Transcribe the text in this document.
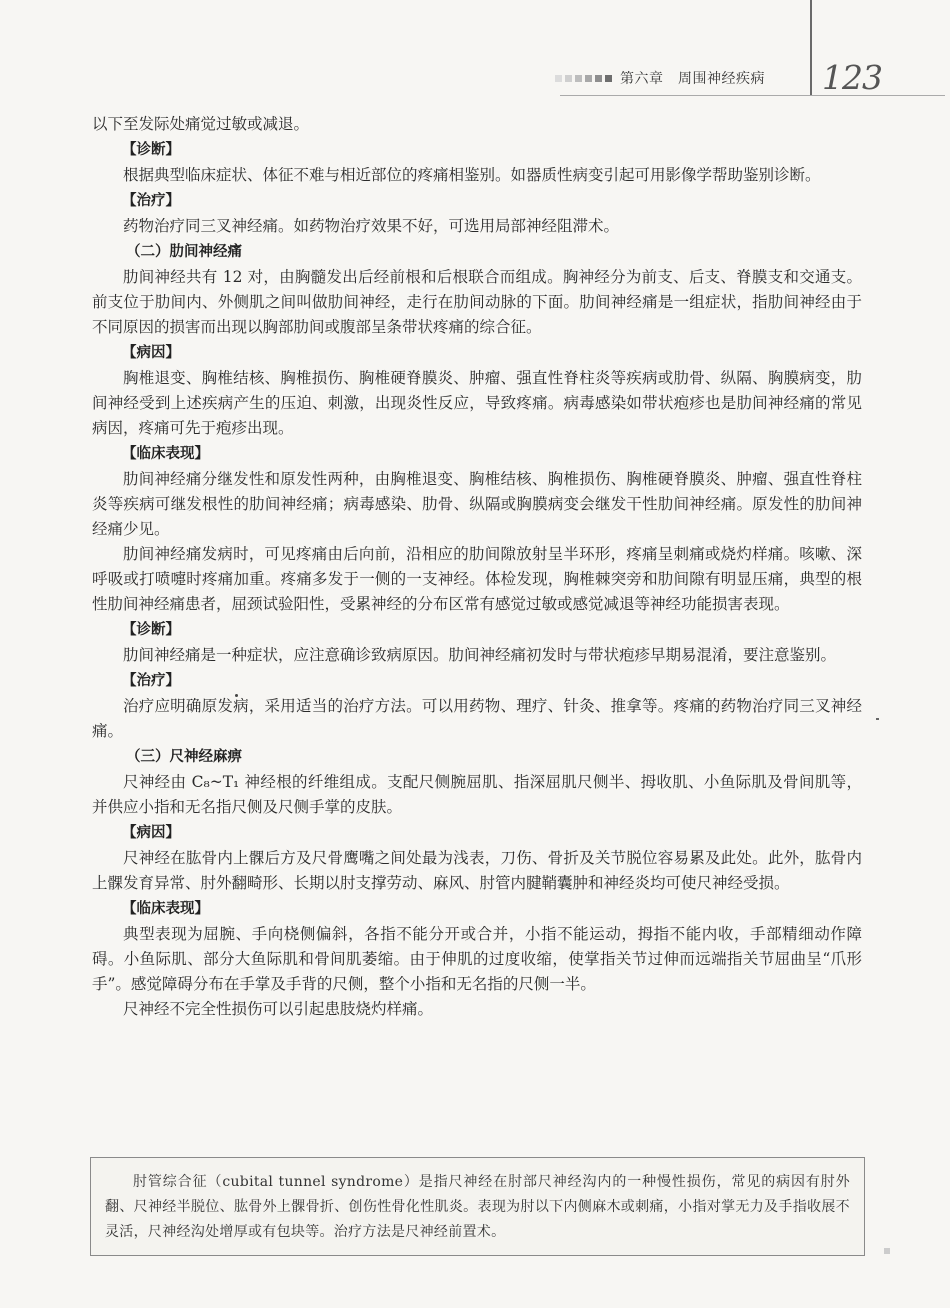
第六章　周围神经疾病 123

以下至发际处痛觉过敏或减退。

【诊断】

根据典型临床症状、体征不难与相近部位的疼痛相鉴别。如器质性病变引起可用影像学帮助鉴别诊断。

【治疗】

药物治疗同三叉神经痛。如药物治疗效果不好，可选用局部神经阻滞术。

（二）肋间神经痛

肋间神经共有 12 对，由胸髓发出后经前根和后根联合而组成。胸神经分为前支、后支、脊膜支和交通支。前支位于肋间内、外侧肌之间叫做肋间神经，走行在肋间动脉的下面。肋间神经痛是一组症状，指肋间神经由于不同原因的损害而出现以胸部肋间或腹部呈条带状疼痛的综合征。

【病因】

胸椎退变、胸椎结核、胸椎损伤、胸椎硬脊膜炎、肿瘤、强直性脊柱炎等疾病或肋骨、纵隔、胸膜病变，肋间神经受到上述疾病产生的压迫、刺激，出现炎性反应，导致疼痛。病毒感染如带状疱疹也是肋间神经痛的常见病因，疼痛可先于疱疹出现。

【临床表现】

肋间神经痛分继发性和原发性两种，由胸椎退变、胸椎结核、胸椎损伤、胸椎硬脊膜炎、肿瘤、强直性脊柱炎等疾病可继发根性的肋间神经痛；病毒感染、肋骨、纵隔或胸膜病变会继发干性肋间神经痛。原发性的肋间神经痛少见。

肋间神经痛发病时，可见疼痛由后向前，沿相应的肋间隙放射呈半环形，疼痛呈刺痛或烧灼样痛。咳嗽、深呼吸或打喷嚏时疼痛加重。疼痛多发于一侧的一支神经。体检发现，胸椎棘突旁和肋间隙有明显压痛，典型的根性肋间神经痛患者，屈颈试验阳性，受累神经的分布区常有感觉过敏或感觉减退等神经功能损害表现。

【诊断】

肋间神经痛是一种症状，应注意确诊致病原因。肋间神经痛初发时与带状疱疹早期易混淆，要注意鉴别。

【治疗】

治疗应明确原发病，采用适当的治疗方法。可以用药物、理疗、针灸、推拿等。疼痛的药物治疗同三叉神经痛。

（三）尺神经麻痹

尺神经由 C₈~T₁ 神经根的纤维组成。支配尺侧腕屈肌、指深屈肌尺侧半、拇收肌、小鱼际肌及骨间肌等，并供应小指和无名指尺侧及尺侧手掌的皮肤。

【病因】

尺神经在肱骨内上髁后方及尺骨鹰嘴之间处最为浅表，刀伤、骨折及关节脱位容易累及此处。此外，肱骨内上髁发育异常、肘外翻畸形、长期以肘支撑劳动、麻风、肘管内腱鞘囊肿和神经炎均可使尺神经受损。

【临床表现】

典型表现为屈腕、手向桡侧偏斜，各指不能分开或合并，小指不能运动，拇指不能内收，手部精细动作障碍。小鱼际肌、部分大鱼际肌和骨间肌萎缩。由于伸肌的过度收缩，使掌指关节过伸而远端指关节屈曲呈“爪形手”。感觉障碍分布在手掌及手背的尺侧，整个小指和无名指的尺侧一半。

尺神经不完全性损伤可以引起患肢烧灼样痛。

肘管综合征（cubital tunnel syndrome）是指尺神经在肘部尺神经沟内的一种慢性损伤，常见的病因有肘外翻、尺神经半脱位、肱骨外上髁骨折、创伤性骨化性肌炎。表现为肘以下内侧麻木或刺痛，小指对掌无力及手指收展不灵活，尺神经沟处增厚或有包块等。治疗方法是尺神经前置术。
